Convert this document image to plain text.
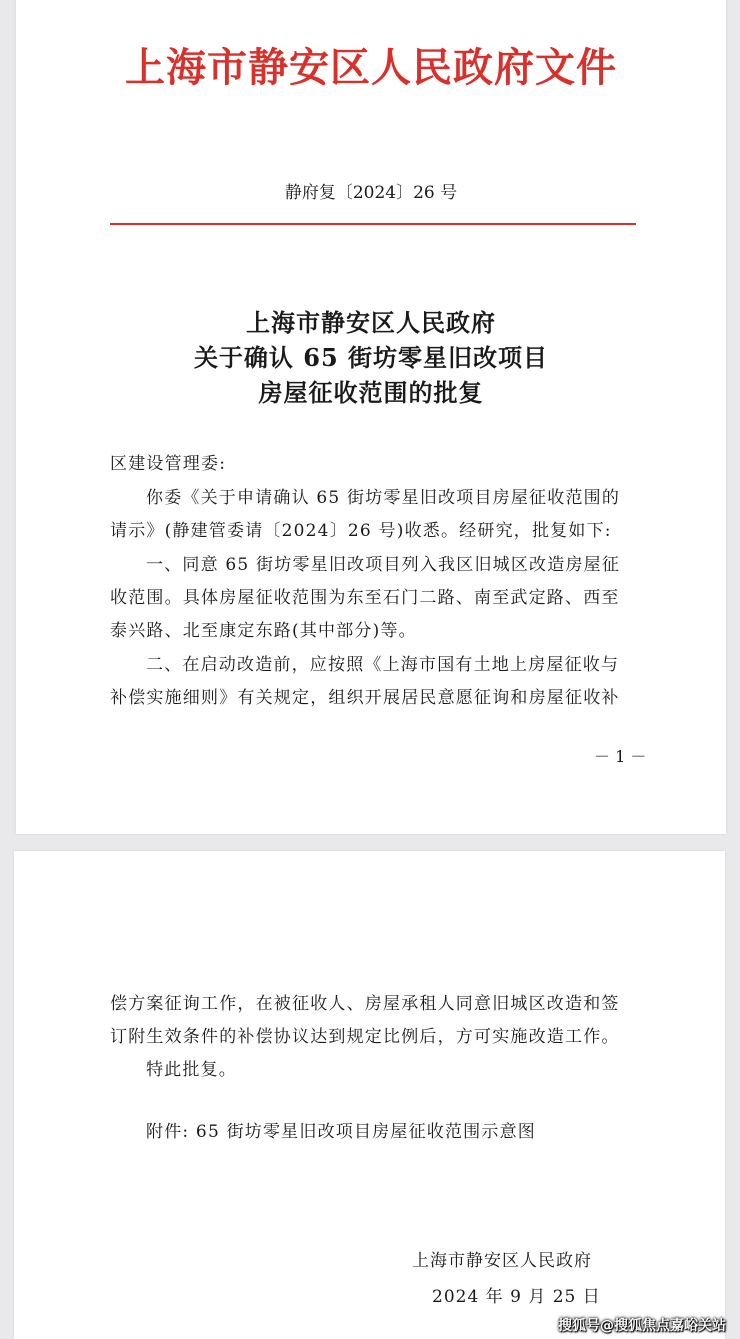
上海市静安区人民政府文件
静府复〔2024〕26 号
上海市静安区人民政府
关于确认 65 街坊零星旧改项目
房屋征收范围的批复
区建设管理委:
你委《关于申请确认 65 街坊零星旧改项目房屋征收范围的
请示》(静建管委请〔2024〕26 号)收悉。经研究，批复如下:
一、同意 65 街坊零星旧改项目列入我区旧城区改造房屋征
收范围。具体房屋征收范围为东至石门二路、南至武定路、西至
泰兴路、北至康定东路(其中部分)等。
二、在启动改造前，应按照《上海市国有土地上房屋征收与
补偿实施细则》有关规定，组织开展居民意愿征询和房屋征收补
－ 1 －
偿方案征询工作，在被征收人、房屋承租人同意旧城区改造和签
订附生效条件的补偿协议达到规定比例后，方可实施改造工作。
特此批复。
附件: 65 街坊零星旧改项目房屋征收范围示意图
上海市静安区人民政府
2024 年 9 月 25 日
搜狐号@搜狐焦点嘉峪关站
